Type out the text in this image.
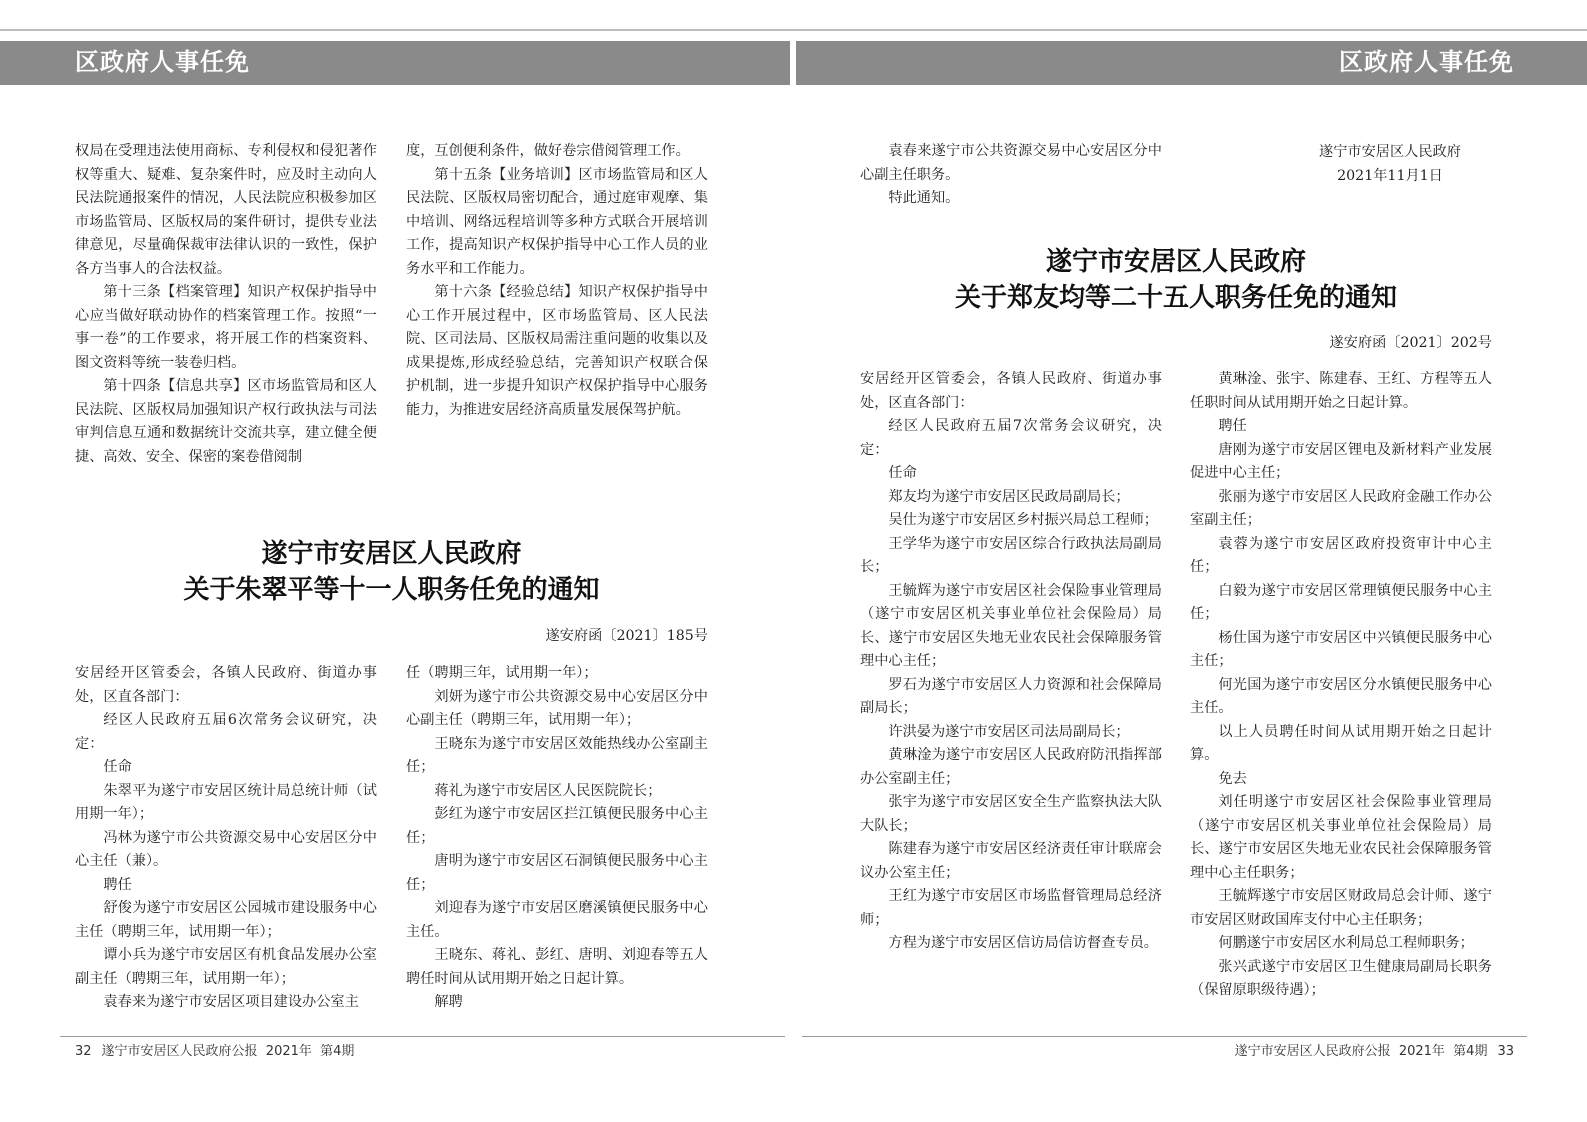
区政府人事任免	区政府人事任免

权局在受理违法使用商标、专利侵权和侵犯著作权等重大、疑难、复杂案件时，应及时主动向人民法院通报案件的情况，人民法院应积极参加区市场监管局、区版权局的案件研讨，提供专业法律意见，尽量确保裁审法律认识的一致性，保护各方当事人的合法权益。

第十三条【档案管理】知识产权保护指导中心应当做好联动协作的档案管理工作。按照“一事一卷”的工作要求，将开展工作的档案资料、图文资料等统一装卷归档。

第十四条【信息共享】区市场监管局和区人民法院、区版权局加强知识产权行政执法与司法审判信息互通和数据统计交流共享，建立健全便捷、高效、安全、保密的案卷借阅制

度，互创便利条件，做好卷宗借阅管理工作。

第十五条【业务培训】区市场监管局和区人民法院、区版权局密切配合，通过庭审观摩、集中培训、网络远程培训等多种方式联合开展培训工作，提高知识产权保护指导中心工作人员的业务水平和工作能力。

第十六条【经验总结】知识产权保护指导中心工作开展过程中，区市场监管局、区人民法院、区司法局、区版权局需注重问题的收集以及成果提炼,形成经验总结，完善知识产权联合保护机制，进一步提升知识产权保护指导中心服务能力，为推进安居经济高质量发展保驾护航。

遂宁市安居区人民政府
关于朱翠平等十一人职务任免的通知
遂安府函〔2021〕185号

安居经开区管委会，各镇人民政府、街道办事处，区直各部门：

经区人民政府五届6次常务会议研究，决定：

任命

朱翠平为遂宁市安居区统计局总统计师（试用期一年）；

冯林为遂宁市公共资源交易中心安居区分中心主任（兼）。

聘任

舒俊为遂宁市安居区公园城市建设服务中心主任（聘期三年，试用期一年）；

谭小兵为遂宁市安居区有机食品发展办公室副主任（聘期三年，试用期一年）；

袁春来为遂宁市安居区项目建设办公室主

任（聘期三年，试用期一年）；

刘妍为遂宁市公共资源交易中心安居区分中心副主任（聘期三年，试用期一年）；

王晓东为遂宁市安居区效能热线办公室副主任；

蒋礼为遂宁市安居区人民医院院长；

彭红为遂宁市安居区拦江镇便民服务中心主任；

唐明为遂宁市安居区石洞镇便民服务中心主任；

刘迎春为遂宁市安居区磨溪镇便民服务中心主任。

王晓东、蒋礼、彭红、唐明、刘迎春等五人聘任时间从试用期开始之日起计算。

解聘

袁春来遂宁市公共资源交易中心安居区分中心副主任职务。

特此通知。

遂宁市安居区人民政府
2021年11月1日
遂宁市安居区人民政府
关于郑友均等二十五人职务任免的通知
遂安府函〔2021〕202号

安居经开区管委会，各镇人民政府、街道办事处，区直各部门：

经区人民政府五届7次常务会议研究，决定：

任命

郑友均为遂宁市安居区民政局副局长；

吴仕为遂宁市安居区乡村振兴局总工程师；

王学华为遂宁市安居区综合行政执法局副局长；

王毓辉为遂宁市安居区社会保险事业管理局（遂宁市安居区机关事业单位社会保险局）局长、遂宁市安居区失地无业农民社会保障服务管理中心主任；

罗石为遂宁市安居区人力资源和社会保障局副局长；

许洪晏为遂宁市安居区司法局副局长；

黄琳淦为遂宁市安居区人民政府防汛指挥部办公室副主任；

张宇为遂宁市安居区安全生产监察执法大队大队长；

陈建春为遂宁市安居区经济责任审计联席会议办公室主任；

王红为遂宁市安居区市场监督管理局总经济师；

方程为遂宁市安居区信访局信访督查专员。

黄琳淦、张宇、陈建春、王红、方程等五人任职时间从试用期开始之日起计算。

聘任

唐刚为遂宁市安居区锂电及新材料产业发展促进中心主任；

张丽为遂宁市安居区人民政府金融工作办公室副主任；

袁蓉为遂宁市安居区政府投资审计中心主任；

白毅为遂宁市安居区常理镇便民服务中心主任；

杨仕国为遂宁市安居区中兴镇便民服务中心主任；

何光国为遂宁市安居区分水镇便民服务中心主任。

以上人员聘任时间从试用期开始之日起计算。

免去

刘任明遂宁市安居区社会保险事业管理局（遂宁市安居区机关事业单位社会保险局）局长、遂宁市安居区失地无业农民社会保障服务管理中心主任职务；

王毓辉遂宁市安居区财政局总会计师、遂宁市安居区财政国库支付中心主任职务；

何鹏遂宁市安居区水利局总工程师职务；

张兴武遂宁市安居区卫生健康局副局长职务（保留原职级待遇）；

32 遂宁市安居区人民政府公报  2021年  第4期	遂宁市安居区人民政府公报  2021年  第4期 33
